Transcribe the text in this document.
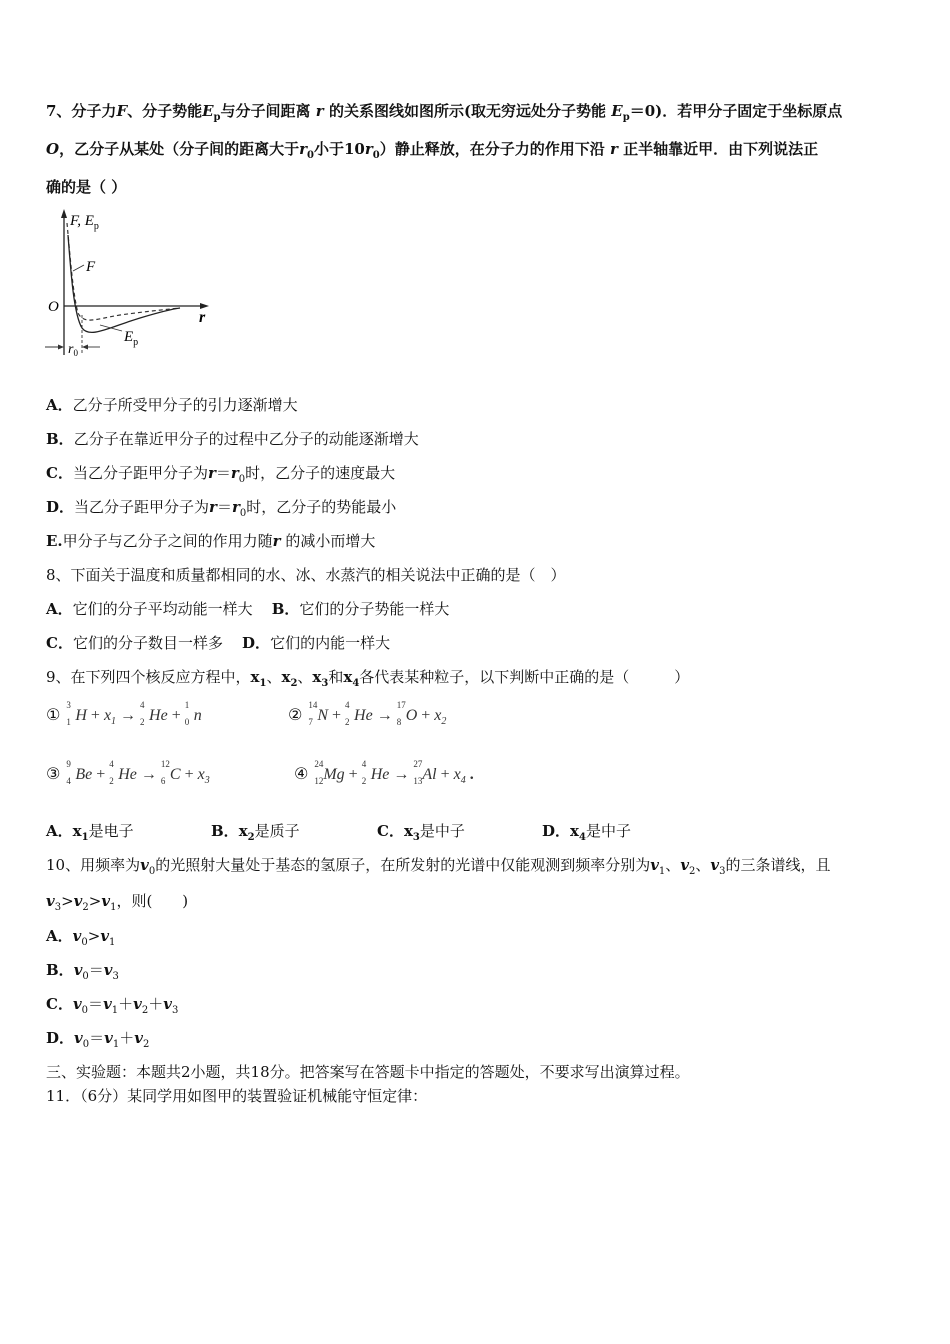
7、分子力F、分子势能$E_p$与分子间距离 r 的关系图线如图所示(取无穷远处分子势能 $E_p=0$)．若甲分子固定于坐标原点
O，乙分子从某处（分子间的距离大于$r_0$小于$10r_0$）静止释放，在分子力的作用下沿 r 正半轴靠近甲．由下列说法正
确的是（ ）
F, $E_p$
F
$E_p$
O
r
$r_0$
A．乙分子所受甲分子的引力逐渐增大
B．乙分子在靠近甲分子的过程中乙分子的动能逐渐增大
C．当乙分子距甲分子为$r=r_0$时，乙分子的速度最大
D．当乙分子距甲分子为$r=r_0$时，乙分子的势能最小
E.甲分子与乙分子之间的作用力随r 的减小而增大
8、下面关于温度和质量都相同的水、冰、水蒸汽的相关说法中正确的是（　）
A．它们的分子平均动能一样大 B．它们的分子势能一样大
C．它们的分子数目一样多 D．它们的内能一样大
9、在下列四个核反应方程中，$x_1$、$x_2$、$x_3$和$x_4$各代表某种粒子，以下判断中正确的是（　　　）
① 3
1 $H + x_1$ →
4
2 He +
1
0 n	② 14
7 N +
4
2 He →
17
8 $O + x_2$
③ 9
4 Be +
4
2 He →
12
6 $C + x_3$	④ 24
12 Mg +
4
2 He →
27
13 $Al + x_4$ .
A．$x_1$是电子	B．$x_2$是质子	C．$x_3$是中子	D．$x_4$是中子
10、用频率为$v_0$的光照射大量处于基态的氢原子，在所发射的光谱中仅能观测到频率分别为$v_1$、$v_2$、$v_3$的三条谱线，且
$v_3>v_2>v_1$，则(　　)
A．$v_0>v_1$
B．$v_0=v_3$
C．$v_0=v_1+v_2+v_3$
D．$v_0=v_1+v_2$
三、实验题：本题共2小题，共18分。把答案写在答题卡中指定的答题处，不要求写出演算过程。
11．（6分）某同学用如图甲的装置验证机械能守恒定律：
